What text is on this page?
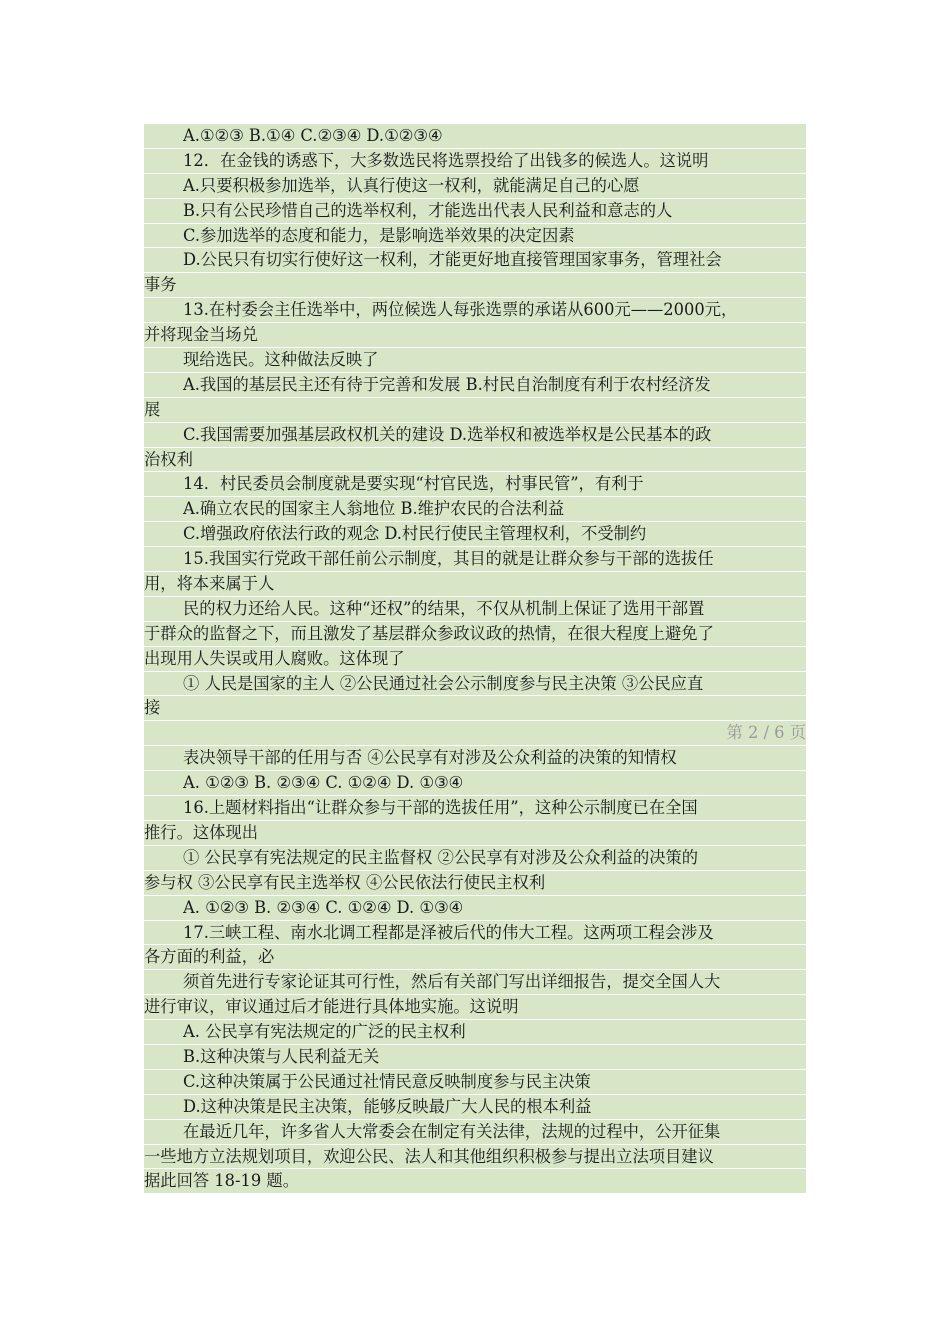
A.①②③ B.①④ C.②③④ D.①②③④
12．在金钱的诱惑下，大多数选民将选票投给了出钱多的候选人。这说明
A.只要积极参加选举，认真行使这一权利，就能满足自己的心愿
B.只有公民珍惜自己的选举权利，才能选出代表人民利益和意志的人
C.参加选举的态度和能力，是影响选举效果的决定因素
D.公民只有切实行使好这一权利，才能更好地直接管理国家事务，管理社会
事务
13.在村委会主任选举中，两位候选人每张选票的承诺从600元——2000元，
并将现金当场兑
现给选民。这种做法反映了
A.我国的基层民主还有待于完善和发展 B.村民自治制度有利于农村经济发
展
C.我国需要加强基层政权机关的建设 D.选举权和被选举权是公民基本的政
治权利
14．村民委员会制度就是要实现“村官民选，村事民管”，有利于
A.确立农民的国家主人翁地位 B.维护农民的合法利益
C.增强政府依法行政的观念 D.村民行使民主管理权利，不受制约
15.我国实行党政干部任前公示制度，其目的就是让群众参与干部的选拔任
用，将本来属于人
民的权力还给人民。这种“还权”的结果，不仅从机制上保证了选用干部置
于群众的监督之下，而且激发了基层群众参政议政的热情，在很大程度上避免了
出现用人失误或用人腐败。这体现了
① 人民是国家的主人 ②公民通过社会公示制度参与民主决策 ③公民应直
接
第 2 / 6 页
表决领导干部的任用与否 ④公民享有对涉及公众利益的决策的知情权
A. ①②③ B. ②③④ C. ①②④ D. ①③④
16.上题材料指出“让群众参与干部的选拔任用”，这种公示制度已在全国
推行。这体现出
① 公民享有宪法规定的民主监督权 ②公民享有对涉及公众利益的决策的
参与权 ③公民享有民主选举权 ④公民依法行使民主权利
A. ①②③ B. ②③④ C. ①②④ D. ①③④
17.三峡工程、南水北调工程都是泽被后代的伟大工程。这两项工程会涉及
各方面的利益，必
须首先进行专家论证其可行性，然后有关部门写出详细报告，提交全国人大
进行审议，审议通过后才能进行具体地实施。这说明
A. 公民享有宪法规定的广泛的民主权利
B.这种决策与人民利益无关
C.这种决策属于公民通过社情民意反映制度参与民主决策
D.这种决策是民主决策，能够反映最广大人民的根本利益
在最近几年，许多省人大常委会在制定有关法律，法规的过程中，公开征集
一些地方立法规划项目，欢迎公民、法人和其他组织积极参与提出立法项目建议
据此回答 18-19 题。
